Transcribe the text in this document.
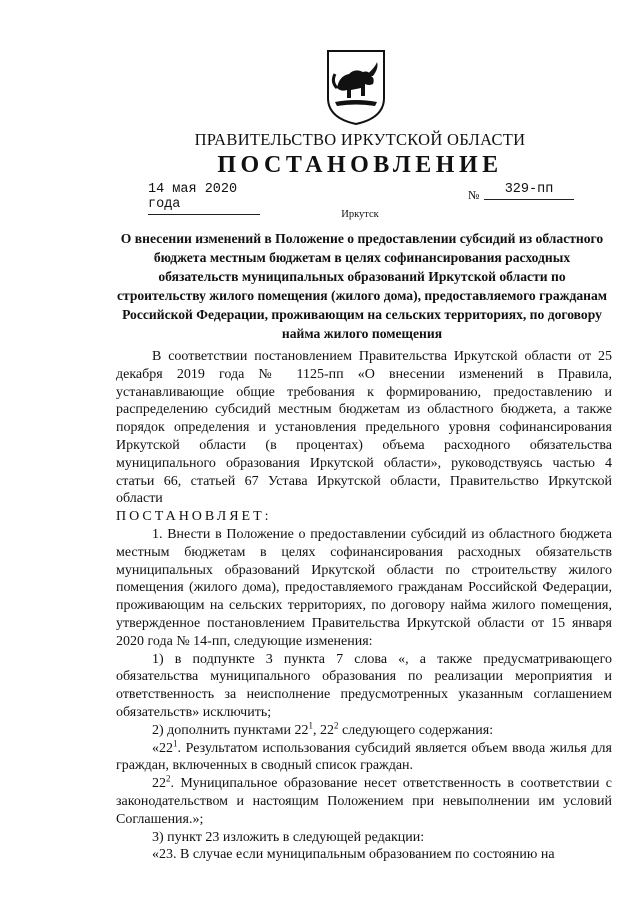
ПРАВИТЕЛЬСТВО ИРКУТСКОЙ ОБЛАСТИ
ПОСТАНОВЛЕНИЕ
14 мая 2020 года
№	329-пп
Иркутск
О внесении изменений в Положение о предоставлении субсидий из областного бюджета местным бюджетам в целях софинансирования расходных обязательств муниципальных образований Иркутской области по строительству жилого помещения (жилого дома), предоставляемого гражданам Российской Федерации, проживающим на сельских территориях, по договору найма жилого помещения

В соответствии постановлением Правительства Иркутской области от 25 декабря 2019 года № 1125-пп «О внесении изменений в Правила, устанавливающие общие требования к формированию, предоставлению и распределению субсидий местным бюджетам из областного бюджета, а также порядок определения и установления предельного уровня софинансирования Иркутской области (в процентах) объема расходного обязательства муниципального образования Иркутской области», руководствуясь частью 4 статьи 66, статьей 67 Устава Иркутской области, Правительство Иркутской области

ПОСТАНОВЛЯЕТ:

1. Внести в Положение о предоставлении субсидий из областного бюджета местным бюджетам в целях софинансирования расходных обязательств муниципальных образований Иркутской области по строительству жилого помещения (жилого дома), предоставляемого гражданам Российской Федерации, проживающим на сельских территориях, по договору найма жилого помещения, утвержденное постановлением Правительства Иркутской области от 15 января 2020 года № 14-пп, следующие изменения:

1) в подпункте 3 пункта 7 слова «, а также предусматривающего обязательства муниципального образования по реализации мероприятия и ответственность за неисполнение предусмотренных указанным соглашением обязательств» исключить;

2) дополнить пунктами $22^1$, $22^2$ следующего содержания:

«$22^1$. Результатом использования субсидий является объем ввода жилья для граждан, включенных в сводный список граждан.

$22^2$. Муниципальное образование несет ответственность в соответствии с законодательством и настоящим Положением при невыполнении им условий Соглашения.»;

3) пункт 23 изложить в следующей редакции:

«23. В случае если муниципальным образованием по состоянию на
